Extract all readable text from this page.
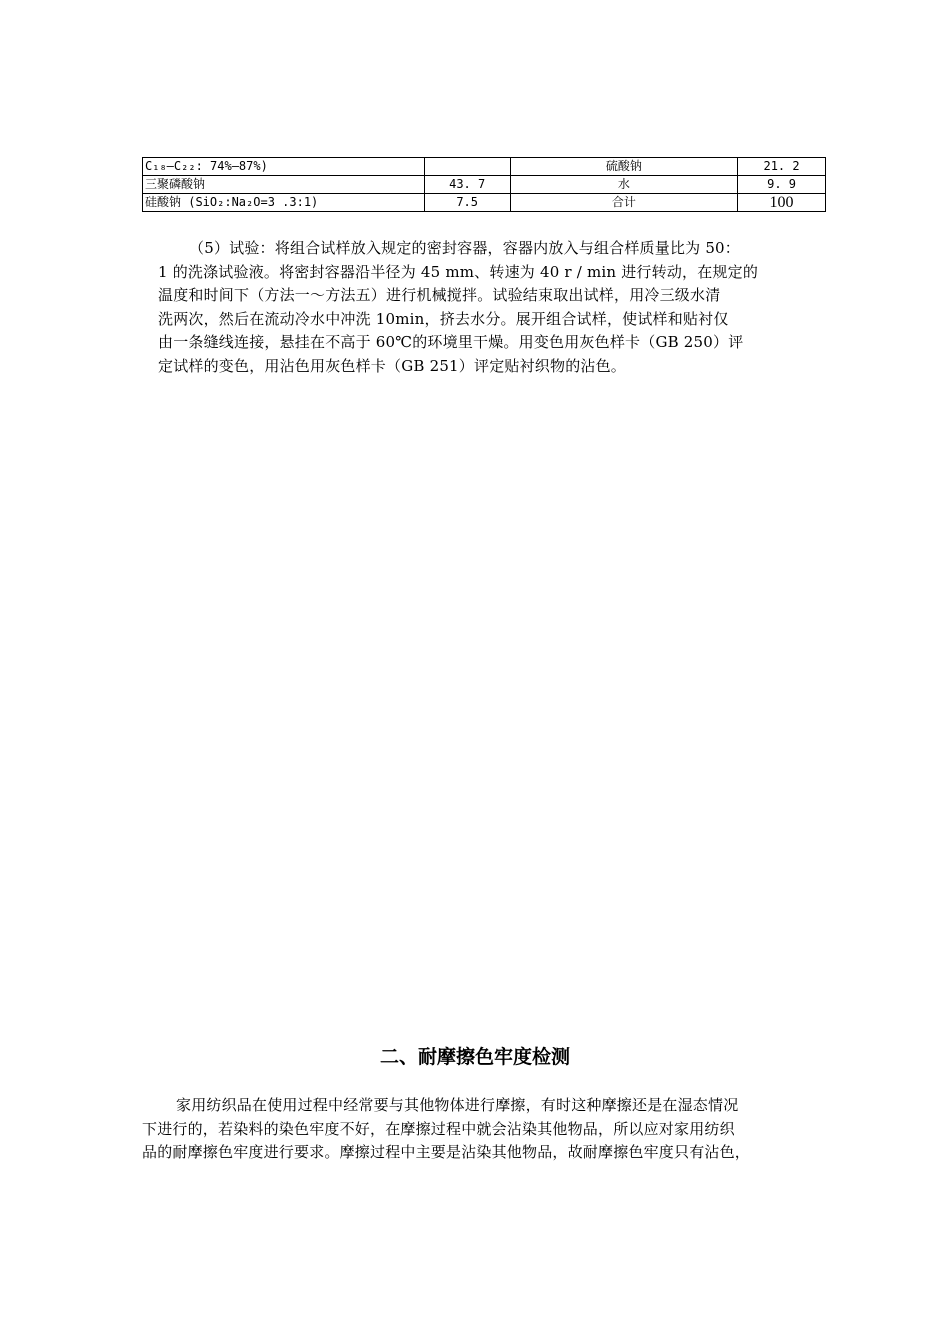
C₁₈—C₂₂: 74%—87%)		硫酸钠	21. 2
三聚磷酸钠	43. 7	水	9. 9
硅酸钠 (SiO₂:Na₂O=3 .3:1)	7.5	合计	100
（5）试验：将组合试样放入规定的密封容器，容器内放入与组合样质量比为 50：
1 的洗涤试验液。将密封容器沿半径为 45 mm、转速为 40 r / min 进行转动，在规定的
温度和时间下（方法一～方法五）进行机械搅拌。试验结束取出试样，用冷三级水清
洗两次，然后在流动冷水中冲洗 10min，挤去水分。展开组合试样，使试样和贴衬仅
由一条缝线连接，悬挂在不高于 60℃的环境里干燥。用变色用灰色样卡（GB 250）评
定试样的变色，用沾色用灰色样卡（GB 251）评定贴衬织物的沾色。
二、耐摩擦色牢度检测
家用纺织品在使用过程中经常要与其他物体进行摩擦，有时这种摩擦还是在湿态情况
下进行的，若染料的染色牢度不好，在摩擦过程中就会沾染其他物品，所以应对家用纺织
品的耐摩擦色牢度进行要求。摩擦过程中主要是沾染其他物品，故耐摩擦色牢度只有沾色，
